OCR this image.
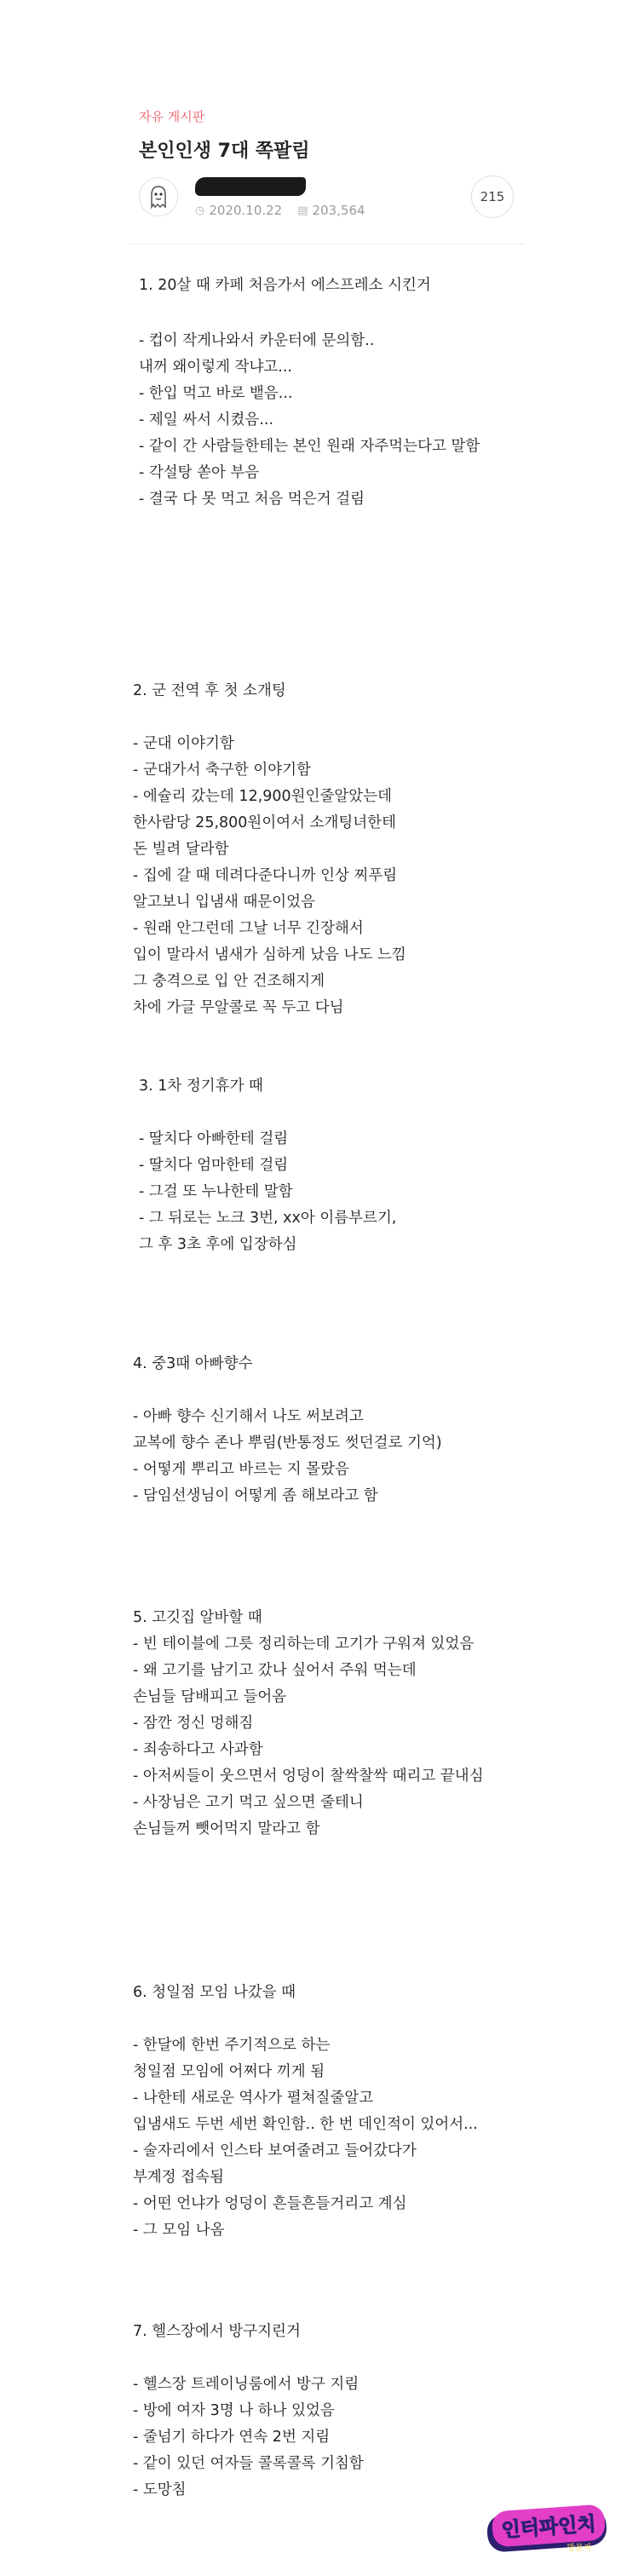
자유 게시판
본인인생 7대 쪽팔림
◷ 2020.10.22 ▤ 203,564
215
1. 20살 때 카페 처음가서 에스프레소 시킨거
- 컵이 작게나와서 카운터에 문의함..
내꺼 왜이렇게 작냐고...
- 한입 먹고 바로 뱉음...
- 제일 싸서 시켰음...
- 같이 간 사람들한테는 본인 원래 자주먹는다고 말함
- 각설탕 쏟아 부음
- 결국 다 못 먹고 처음 먹은거 걸림
2. 군 전역 후 첫 소개팅
- 군대 이야기함
- 군대가서 축구한 이야기함
- 에슐리 갔는데 12,900원인줄알았는데
한사람당 25,800원이여서 소개팅녀한테
돈 빌려 달라함
- 집에 갈 때 데려다준다니까 인상 찌푸림
알고보니 입냄새 때문이었음
- 원래 안그런데 그날 너무 긴장해서
입이 말라서 냄새가 심하게 났음 나도 느낌
그 충격으로 입 안 건조해지게
차에 가글 무알콜로 꼭 두고 다님
3. 1차 정기휴가 때
- 딸치다 아빠한테 걸림
- 딸치다 엄마한테 걸림
- 그걸 또 누나한테 말함
- 그 뒤로는 노크 3번, xx아 이름부르기,
그 후 3초 후에 입장하심
4. 중3때 아빠향수
- 아빠 향수 신기해서 나도 써보려고
교복에 향수 존나 뿌림(반통정도 썻던걸로 기억)
- 어떻게 뿌리고 바르는 지 몰랐음
- 담임선생님이 어떻게 좀 해보라고 함
5. 고깃집 알바할 때
- 빈 테이블에 그릇 정리하는데 고기가 구워져 있었음
- 왜 고기를 남기고 갔나 싶어서 주워 먹는데
손님들 담배피고 들어옴
- 잠깐 정신 멍해짐
- 죄송하다고 사과함
- 아저씨들이 웃으면서 엉덩이 찰싹찰싹 때리고 끝내심
- 사장님은 고기 먹고 싶으면 줄테니
손님들꺼 뺏어먹지 말라고 함
6. 청일점 모임 나갔을 때
- 한달에 한번 주기적으로 하는
청일점 모임에 어쩌다 끼게 됨
- 나한테 새로운 역사가 펼쳐질줄알고
입냄새도 두번 세번 확인함.. 한 번 데인적이 있어서...
- 술자리에서 인스타 보여줄려고 들어갔다가
부계정 접속됨
- 어떤 언냐가 엉덩이 흔들흔들거리고 계심
- 그 모임 나옴
7. 헬스장에서 방구지린거
- 헬스장 트레이닝룸에서 방구 지림
- 방에 여자 3명 나 하나 있었음
- 줄넘기 하다가 연속 2번 지림
- 같이 있던 여자들 콜록콜록 기침함
- 도망침
인터파인치
방문자
